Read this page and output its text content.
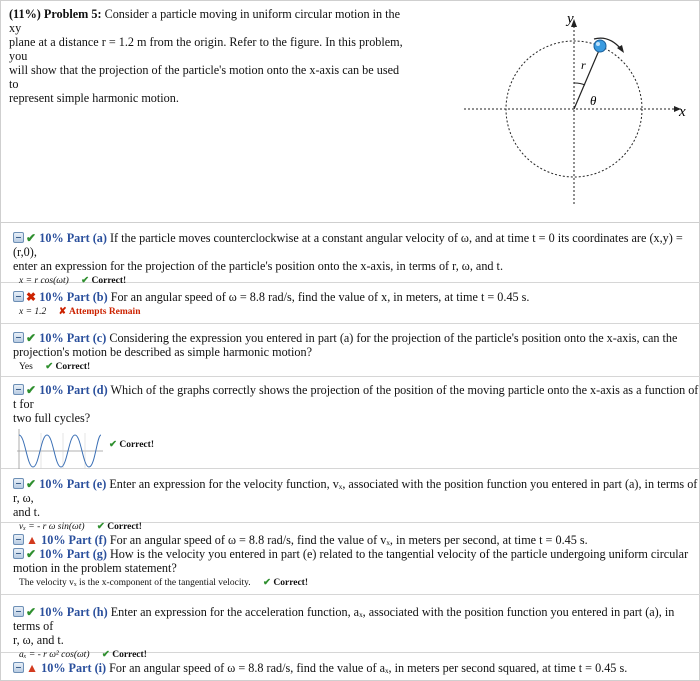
(11%) Problem 5: Consider a particle moving in uniform circular motion in the xy
plane at a distance r = 1.2 m from the origin. Refer to the figure. In this problem, you
will show that the projection of the particle's motion onto the x-axis can be used to
represent simple harmonic motion.
y
x
r
θ
✔ 10% Part (a) If the particle moves counterclockwise at a constant angular velocity of ω, and at time t = 0 its coordinates are (x,y) = (r,0),
enter an expression for the projection of the particle's position onto the x-axis, in terms of r, ω, and t.
x = r cos(ωt) ✔ Correct!
✖ 10% Part (b) For an angular speed of ω = 8.8 rad/s, find the value of x, in meters, at time t = 0.45 s.
x = 1.2 ✘ Attempts Remain
✔ 10% Part (c) Considering the expression you entered in part (a) for the projection of the particle's position onto the x-axis, can the
projection's motion be described as simple harmonic motion?
Yes ✔ Correct!
✔ 10% Part (d) Which of the graphs correctly shows the projection of the position of the moving particle onto the x-axis as a function of t for
two full cycles?
✔ Correct!
✔ 10% Part (e) Enter an expression for the velocity function, vₓ, associated with the position function you entered in part (a), in terms of r, ω,
and t.
vₓ = - r ω sin(ωt) ✔ Correct!
▲ 10% Part (f) For an angular speed of ω = 8.8 rad/s, find the value of vₓ, in meters per second, at time t = 0.45 s.
✔ 10% Part (g) How is the velocity you entered in part (e) related to the tangential velocity of the particle undergoing uniform circular
motion in the problem statement?
The velocity vₓ is the x-component of the tangential velocity. ✔ Correct!
✔ 10% Part (h) Enter an expression for the acceleration function, aₓ, associated with the position function you entered in part (a), in terms of
r, ω, and t.
aₓ = - r ω² cos(ωt) ✔ Correct!
▲ 10% Part (i) For an angular speed of ω = 8.8 rad/s, find the value of aₓ, in meters per second squared, at time t = 0.45 s.
